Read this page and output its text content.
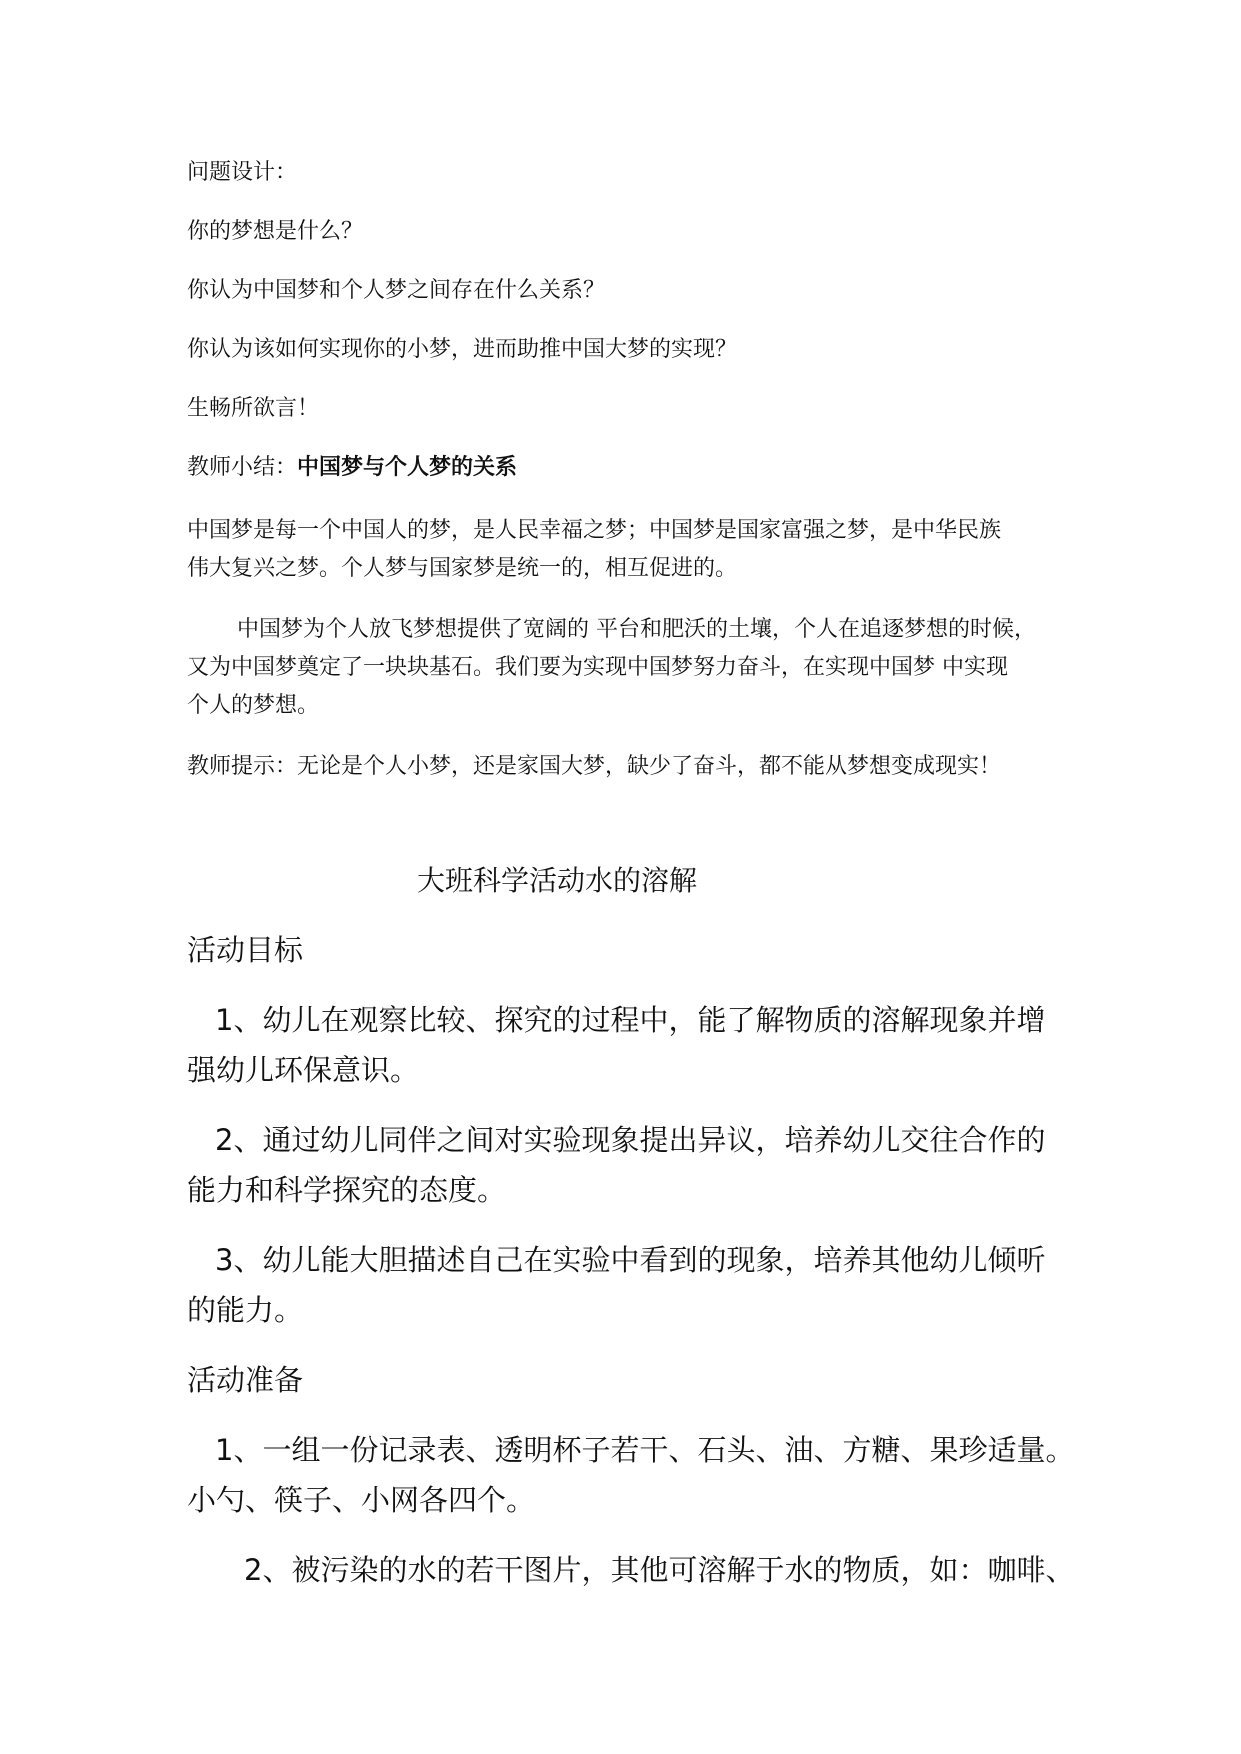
问题设计：

你的梦想是什么？

你认为中国梦和个人梦之间存在什么关系？

你认为该如何实现你的小梦，进而助推中国大梦的实现？

生畅所欲言！

教师小结：中国梦与个人梦的关系

中国梦是每一个中国人的梦，是人民幸福之梦；中国梦是国家富强之梦，是中华民族

伟大复兴之梦。个人梦与国家梦是统一的，相互促进的。

中国梦为个人放飞梦想提供了宽阔的 平台和肥沃的土壤，个人在追逐梦想的时候，

又为中国梦奠定了一块块基石。我们要为实现中国梦努力奋斗，在实现中国梦 中实现

个人的梦想。

教师提示：无论是个人小梦，还是家国大梦，缺少了奋斗，都不能从梦想变成现实！

大班科学活动水的溶解

活动目标

1、幼儿在观察比较、探究的过程中，能了解物质的溶解现象并增

强幼儿环保意识。

2、通过幼儿同伴之间对实验现象提出异议，培养幼儿交往合作的

能力和科学探究的态度。

3、幼儿能大胆描述自己在实验中看到的现象，培养其他幼儿倾听

的能力。

活动准备

1、一组一份记录表、透明杯子若干、石头、油、方糖、果珍适量。

小勺、筷子、小网各四个。

2、被污染的水的若干图片，其他可溶解于水的物质，如：咖啡、
